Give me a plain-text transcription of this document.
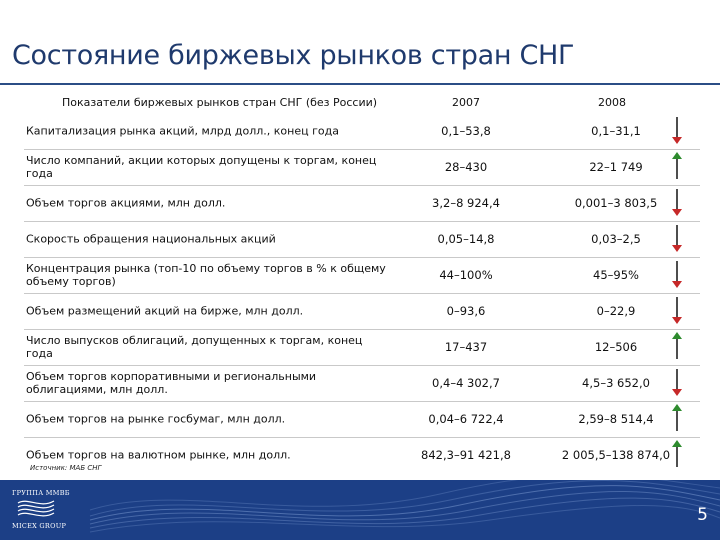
Состояние биржевых рынков стран СНГ
Показатели биржевых рынков стран СНГ (без России)	2007	2008
Капитализация рынка акций, млрд долл., конец года	0,1–53,8	0,1–31,1
Число компаний, акции которых допущены к торгам, конец года	28–430	22–1 749
Объем торгов акциями, млн долл.	3,2–8 924,4	0,001–3 803,5
Скорость обращения национальных акций	0,05–14,8	0,03–2,5
Концентрация рынка (топ-10 по объему торгов в % к общему объему торгов)	44–100%	45–95%
Объем размещений акций на бирже, млн долл.	0–93,6	0–22,9
Число выпусков облигаций, допущенных к торгам, конец года	17–437	12–506
Объем торгов корпоративными и региональными облигациями, млн долл.	0,4–4 302,7	4,5–3 652,0
Объем торгов на рынке госбумаг, млн долл.	0,04–6 722,4	2,59–8 514,4
Объем торгов на валютном рынке, млн долл.	842,3–91 421,8	2 005,5–138 874,0
Источник: МАБ СНГ
ГРУППА ММВБ
MICEX GROUP
5
